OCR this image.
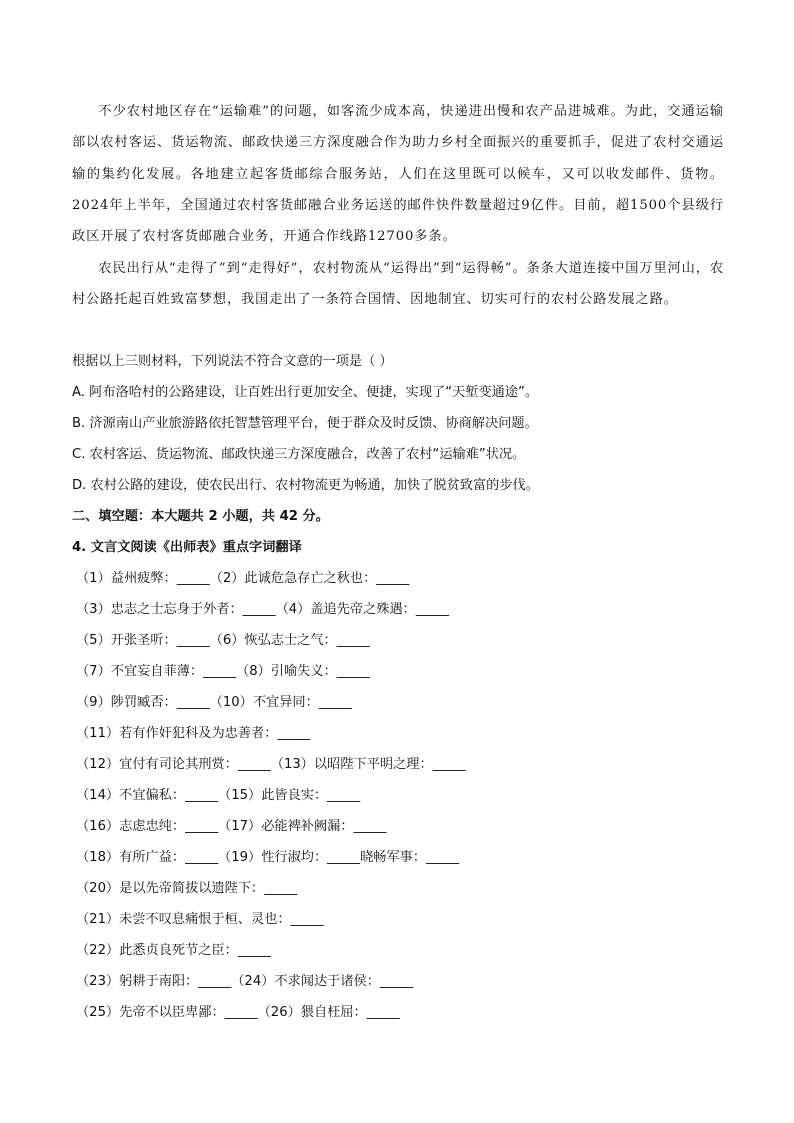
不少农村地区存在“运输难”的问题，如客流少成本高，快递进出慢和农产品进城难。为此，交通运输部以农村客运、货运物流、邮政快递三方深度融合作为助力乡村全面振兴的重要抓手，促进了农村交通运输的集约化发展。各地建立起客货邮综合服务站，人们在这里既可以候车，又可以收发邮件、货物。2024年上半年，全国通过农村客货邮融合业务运送的邮件快件数量超过9亿件。目前，超1500个县级行政区开展了农村客货邮融合业务，开通合作线路12700多条。

农民出行从“走得了”到“走得好”，农村物流从“运得出”到“运得畅”。条条大道连接中国万里河山，农村公路托起百姓致富梦想，我国走出了一条符合国情、因地制宜、切实可行的农村公路发展之路。

根据以上三则材料，下列说法不符合文意的一项是（ ）

A. 阿布洛哈村的公路建设，让百姓出行更加安全、便捷，实现了“天堑变通途”。

B. 济源南山产业旅游路依托智慧管理平台，便于群众及时反馈、协商解决问题。

C. 农村客运、货运物流、邮政快递三方深度融合，改善了农村“运输难”状况。

D. 农村公路的建设，使农民出行、农村物流更为畅通，加快了脱贫致富的步伐。

二、填空题：本大题共 2 小题，共 42 分。

4. 文言文阅读《出师表》重点字词翻译

（1）益州疲弊：_____（2）此诚危急存亡之秋也：_____

（3）忠志之士忘身于外者：_____（4）盖追先帝之殊遇：_____

（5）开张圣听：_____（6）恢弘志士之气：_____

（7）不宜妄自菲薄：_____（8）引喻失义：_____

（9）陟罚臧否：_____（10）不宜异同：_____

（11）若有作奸犯科及为忠善者：_____

（12）宜付有司论其刑赏：_____（13）以昭陛下平明之理：_____

（14）不宜偏私：_____（15）此皆良实：_____

（16）志虑忠纯：_____（17）必能裨补阙漏：_____

（18）有所广益：_____（19）性行淑均：_____晓畅军事：_____

（20）是以先帝简拔以遗陛下：_____

（21）未尝不叹息痛恨于桓、灵也：_____

（22）此悉贞良死节之臣：_____

（23）躬耕于南阳：_____（24）不求闻达于诸侯：_____

（25）先帝不以臣卑鄙：_____（26）猥自枉屈：_____
